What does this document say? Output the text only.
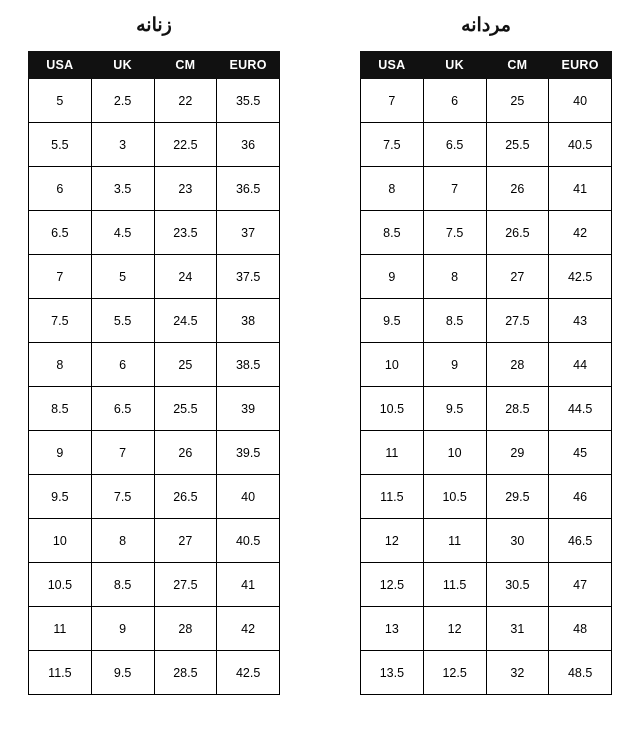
زنانه
USA	UK	CM	EURO
5	2.5	22	35.5
5.5	3	22.5	36
6	3.5	23	36.5
6.5	4.5	23.5	37
7	5	24	37.5
7.5	5.5	24.5	38
8	6	25	38.5
8.5	6.5	25.5	39
9	7	26	39.5
9.5	7.5	26.5	40
10	8	27	40.5
10.5	8.5	27.5	41
11	9	28	42
11.5	9.5	28.5	42.5
مردانه
USA	UK	CM	EURO
7	6	25	40
7.5	6.5	25.5	40.5
8	7	26	41
8.5	7.5	26.5	42
9	8	27	42.5
9.5	8.5	27.5	43
10	9	28	44
10.5	9.5	28.5	44.5
11	10	29	45
11.5	10.5	29.5	46
12	11	30	46.5
12.5	11.5	30.5	47
13	12	31	48
13.5	12.5	32	48.5
